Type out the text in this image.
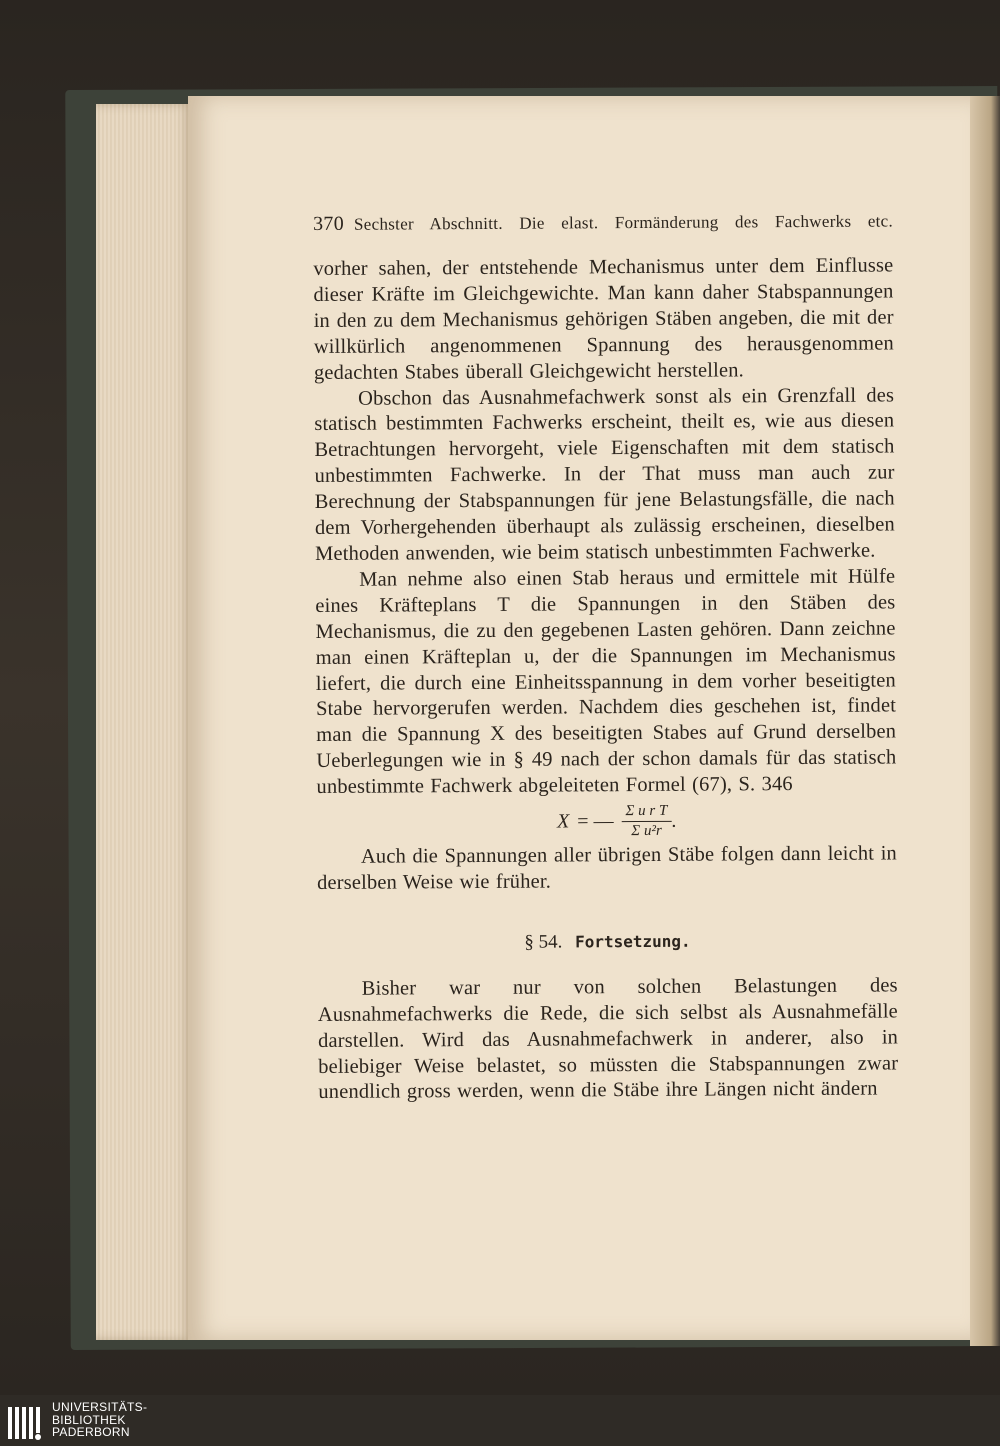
370 Sechster Abschnitt. Die elast. Formänderung des Fachwerks etc.

vorher sahen, der entstehende Mechanismus unter dem Einflusse dieser Kräfte im Gleichgewichte. Man kann daher Stabspannungen in den zu dem Mechanismus gehörigen Stäben angeben, die mit der willkürlich angenommenen Spannung des herausgenommen gedachten Stabes überall Gleichgewicht herstellen.

Obschon das Ausnahmefachwerk sonst als ein Grenzfall des statisch bestimmten Fachwerks erscheint, theilt es, wie aus diesen Betrachtungen hervorgeht, viele Eigenschaften mit dem statisch unbestimmten Fachwerke. In der That muss man auch zur Berechnung der Stabspannungen für jene Belastungsfälle, die nach dem Vorhergehenden überhaupt als zulässig erscheinen, dieselben Methoden anwenden, wie beim statisch unbestimmten Fachwerke.

Man nehme also einen Stab heraus und ermittele mit Hülfe eines Kräfteplans T die Spannungen in den Stäben des Mechanismus, die zu den gegebenen Lasten gehören. Dann zeichne man einen Kräfteplan u, der die Spannungen im Mechanismus liefert, die durch eine Einheitsspannung in dem vorher beseitigten Stabe hervorgerufen werden. Nachdem dies geschehen ist, findet man die Spannung X des beseitigten Stabes auf Grund derselben Ueberlegungen wie in § 49 nach der schon damals für das statisch unbestimmte Fachwerk abgeleiteten Formel (67), S. 346

X = — $\frac{\text{Σ u r T}}{\text{Σ u²r}}$ .

Auch die Spannungen aller übrigen Stäbe folgen dann leicht in derselben Weise wie früher.

§ 54. Fortsetzung.

Bisher war nur von solchen Belastungen des Ausnahmefachwerks die Rede, die sich selbst als Ausnahmefälle darstellen. Wird das Ausnahmefachwerk in anderer, also in beliebiger Weise belastet, so müssten die Stabspannungen zwar unendlich gross werden, wenn die Stäbe ihre Längen nicht ändern

UNIVERSITÄTS-
BIBLIOTHEK
PADERBORN
